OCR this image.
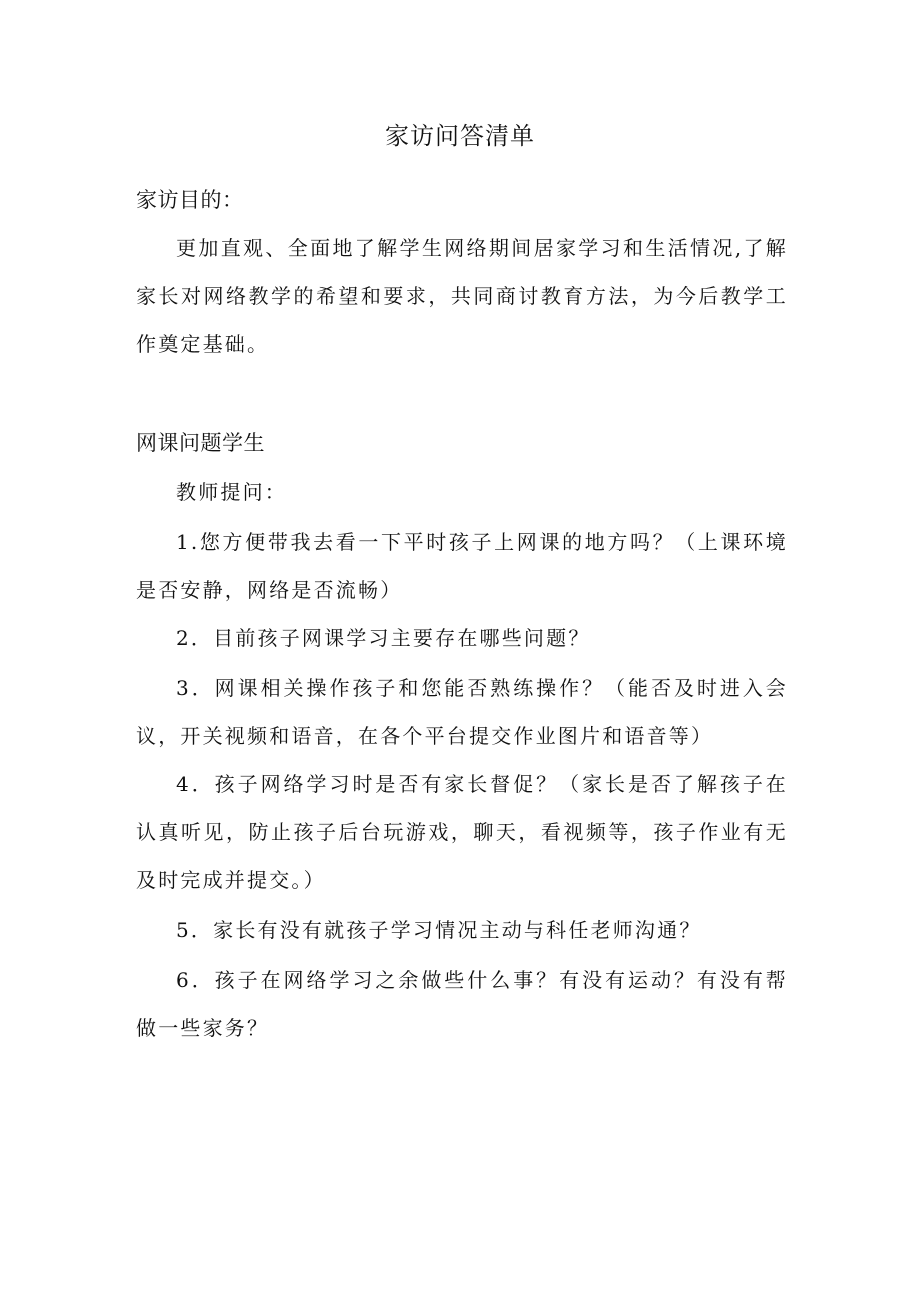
家访问答清单
家访目的：

更加直观、全面地了解学生网络期间居家学习和生活情况,了解家长对网络教学的希望和要求，共同商讨教育方法，为今后教学工作奠定基础。

网课问题学生

教师提问：

1.您方便带我去看一下平时孩子上网课的地方吗？（上课环境是否安静，网络是否流畅）

2．目前孩子网课学习主要存在哪些问题？

3．网课相关操作孩子和您能否熟练操作？（能否及时进入会议，开关视频和语音，在各个平台提交作业图片和语音等）

4．孩子网络学习时是否有家长督促？（家长是否了解孩子在认真听见，防止孩子后台玩游戏，聊天，看视频等，孩子作业有无及时完成并提交。）

5．家长有没有就孩子学习情况主动与科任老师沟通？

6．孩子在网络学习之余做些什么事？有没有运动？有没有帮做一些家务？
